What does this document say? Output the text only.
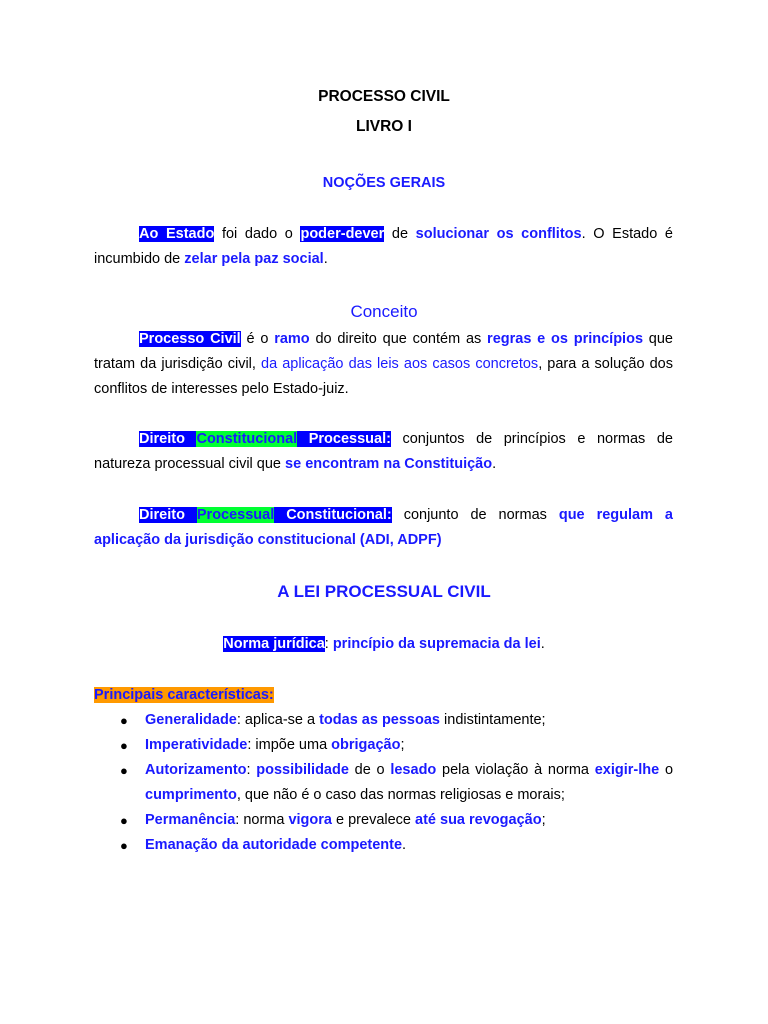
PROCESSO CIVIL
LIVRO I
NOÇÕES GERAIS
Ao Estado foi dado o poder-dever de solucionar os conflitos. O Estado é incumbido de zelar pela paz social.
Conceito
Processo Civil é o ramo do direito que contém as regras e os princípios que tratam da jurisdição civil, da aplicação das leis aos casos concretos, para a solução dos conflitos de interesses pelo Estado-juiz.
Direito Constitucional Processual: conjuntos de princípios e normas de natureza processual civil que se encontram na Constituição.
Direito Processual Constitucional: conjunto de normas que regulam a aplicação da jurisdição constitucional (ADI, ADPF)
A LEI PROCESSUAL CIVIL
Norma jurídica: princípio da supremacia da lei.
Principais características:
● Generalidade: aplica-se a todas as pessoas indistintamente;
● Imperatividade: impõe uma obrigação;
● Autorizamento: possibilidade de o lesado pela violação à norma exigir-lhe o cumprimento, que não é o caso das normas religiosas e morais;
● Permanência: norma vigora e prevalece até sua revogação;
● Emanação da autoridade competente.
